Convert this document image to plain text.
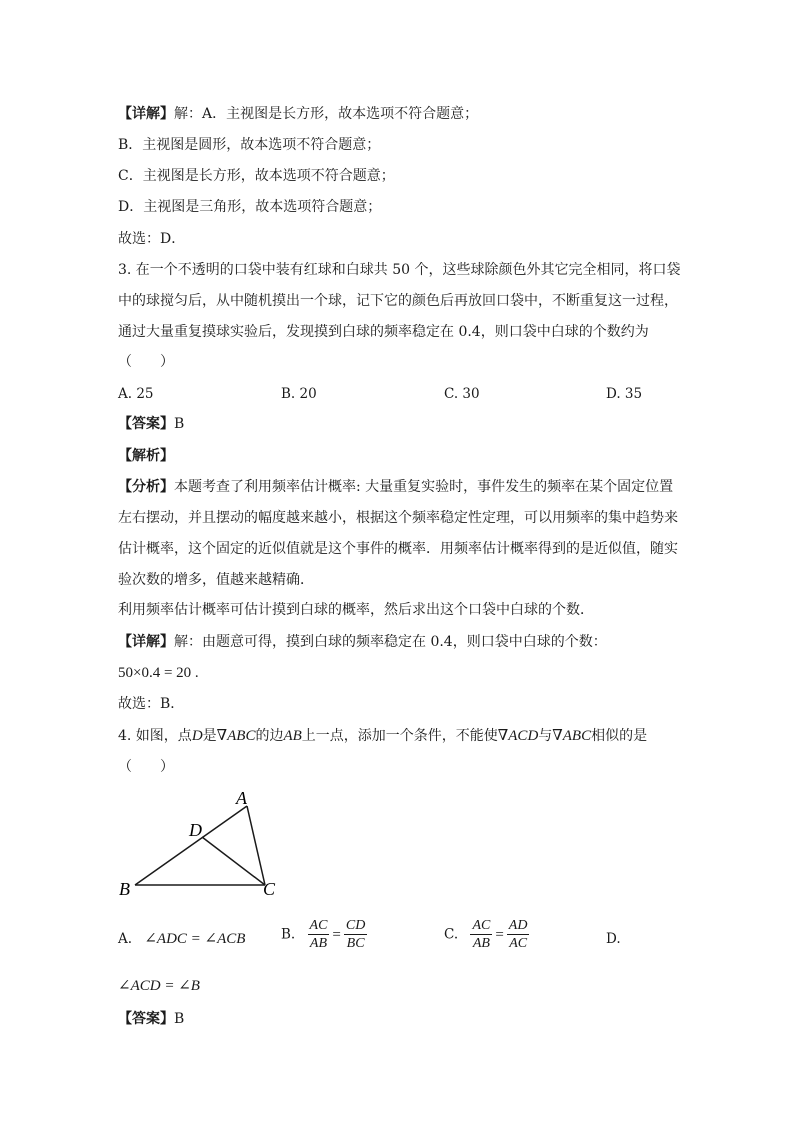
【详解】解：A．主视图是长方形，故本选项不符合题意；
B．主视图是圆形，故本选项不符合题意；
C．主视图是长方形，故本选项不符合题意；
D．主视图是三角形，故本选项符合题意；
故选：D．
3. 在一个不透明的口袋中装有红球和白球共 50 个，这些球除颜色外其它完全相同，将口袋
中的球搅匀后，从中随机摸出一个球，记下它的颜色后再放回口袋中，不断重复这一过程，
通过大量重复摸球实验后，发现摸到白球的频率稳定在 0.4，则口袋中白球的个数约为
（　　）
A. 25	B. 20	C. 30	D. 35
【答案】B
【解析】
【分析】本题考查了利用频率估计概率: 大量重复实验时，事件发生的频率在某个固定位置
左右摆动，并且摆动的幅度越来越小，根据这个频率稳定性定理，可以用频率的集中趋势来
估计概率，这个固定的近似值就是这个事件的概率．用频率估计概率得到的是近似值，随实
验次数的增多，值越来越精确．
利用频率估计概率可估计摸到白球的概率，然后求出这个口袋中白球的个数．
【详解】解：由题意可得，摸到白球的频率稳定在 0.4，则口袋中白球的个数：
50×0.4 = 20 .
故选：B．
4. 如图，点D是∇ABC的边AB上一点，添加一个条件，不能使∇ACD与∇ABC相似的是
（　　）
A
D
B	C
A. ∠ADC = ∠ACB	B. $\frac{AC}{AB} = \frac{CD}{BC}$	C. $\frac{AC}{AB} = \frac{AD}{AC}$	D.
∠ACD = ∠B
【答案】B
